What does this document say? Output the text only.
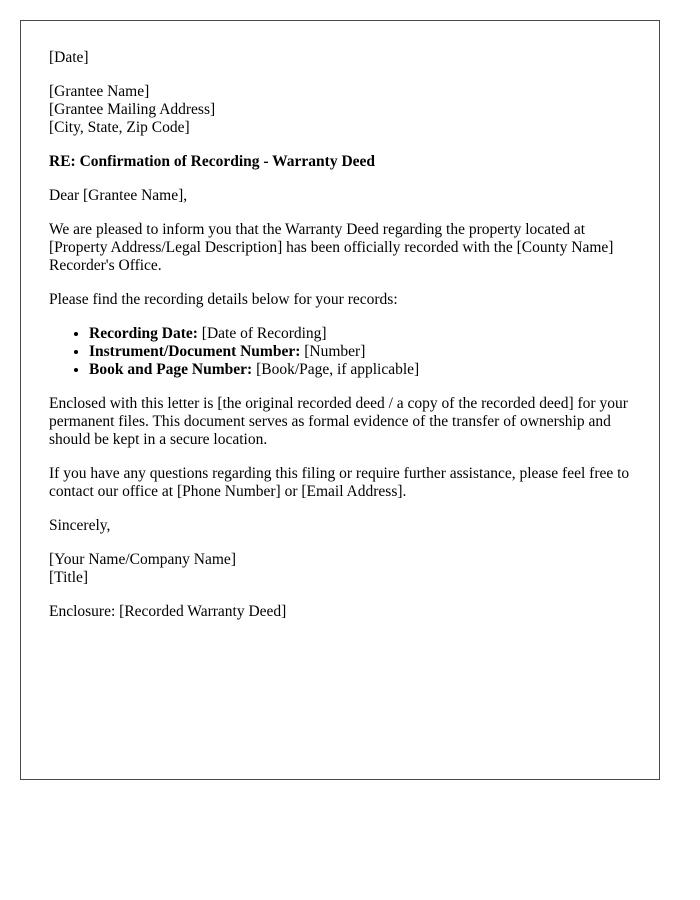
[Date]

[Grantee Name]
[Grantee Mailing Address]
[City, State, Zip Code]

RE: Confirmation of Recording - Warranty Deed

Dear [Grantee Name],

We are pleased to inform you that the Warranty Deed regarding the property located at [Property Address/Legal Description] has been officially recorded with the [County Name] Recorder's Office.

Please find the recording details below for your records:

• Recording Date: [Date of Recording]
• Instrument/Document Number: [Number]
• Book and Page Number: [Book/Page, if applicable]

Enclosed with this letter is [the original recorded deed / a copy of the recorded deed] for your permanent files. This document serves as formal evidence of the transfer of ownership and should be kept in a secure location.

If you have any questions regarding this filing or require further assistance, please feel free to contact our office at [Phone Number] or [Email Address].

Sincerely,

[Your Name/Company Name]
[Title]

Enclosure: [Recorded Warranty Deed]
